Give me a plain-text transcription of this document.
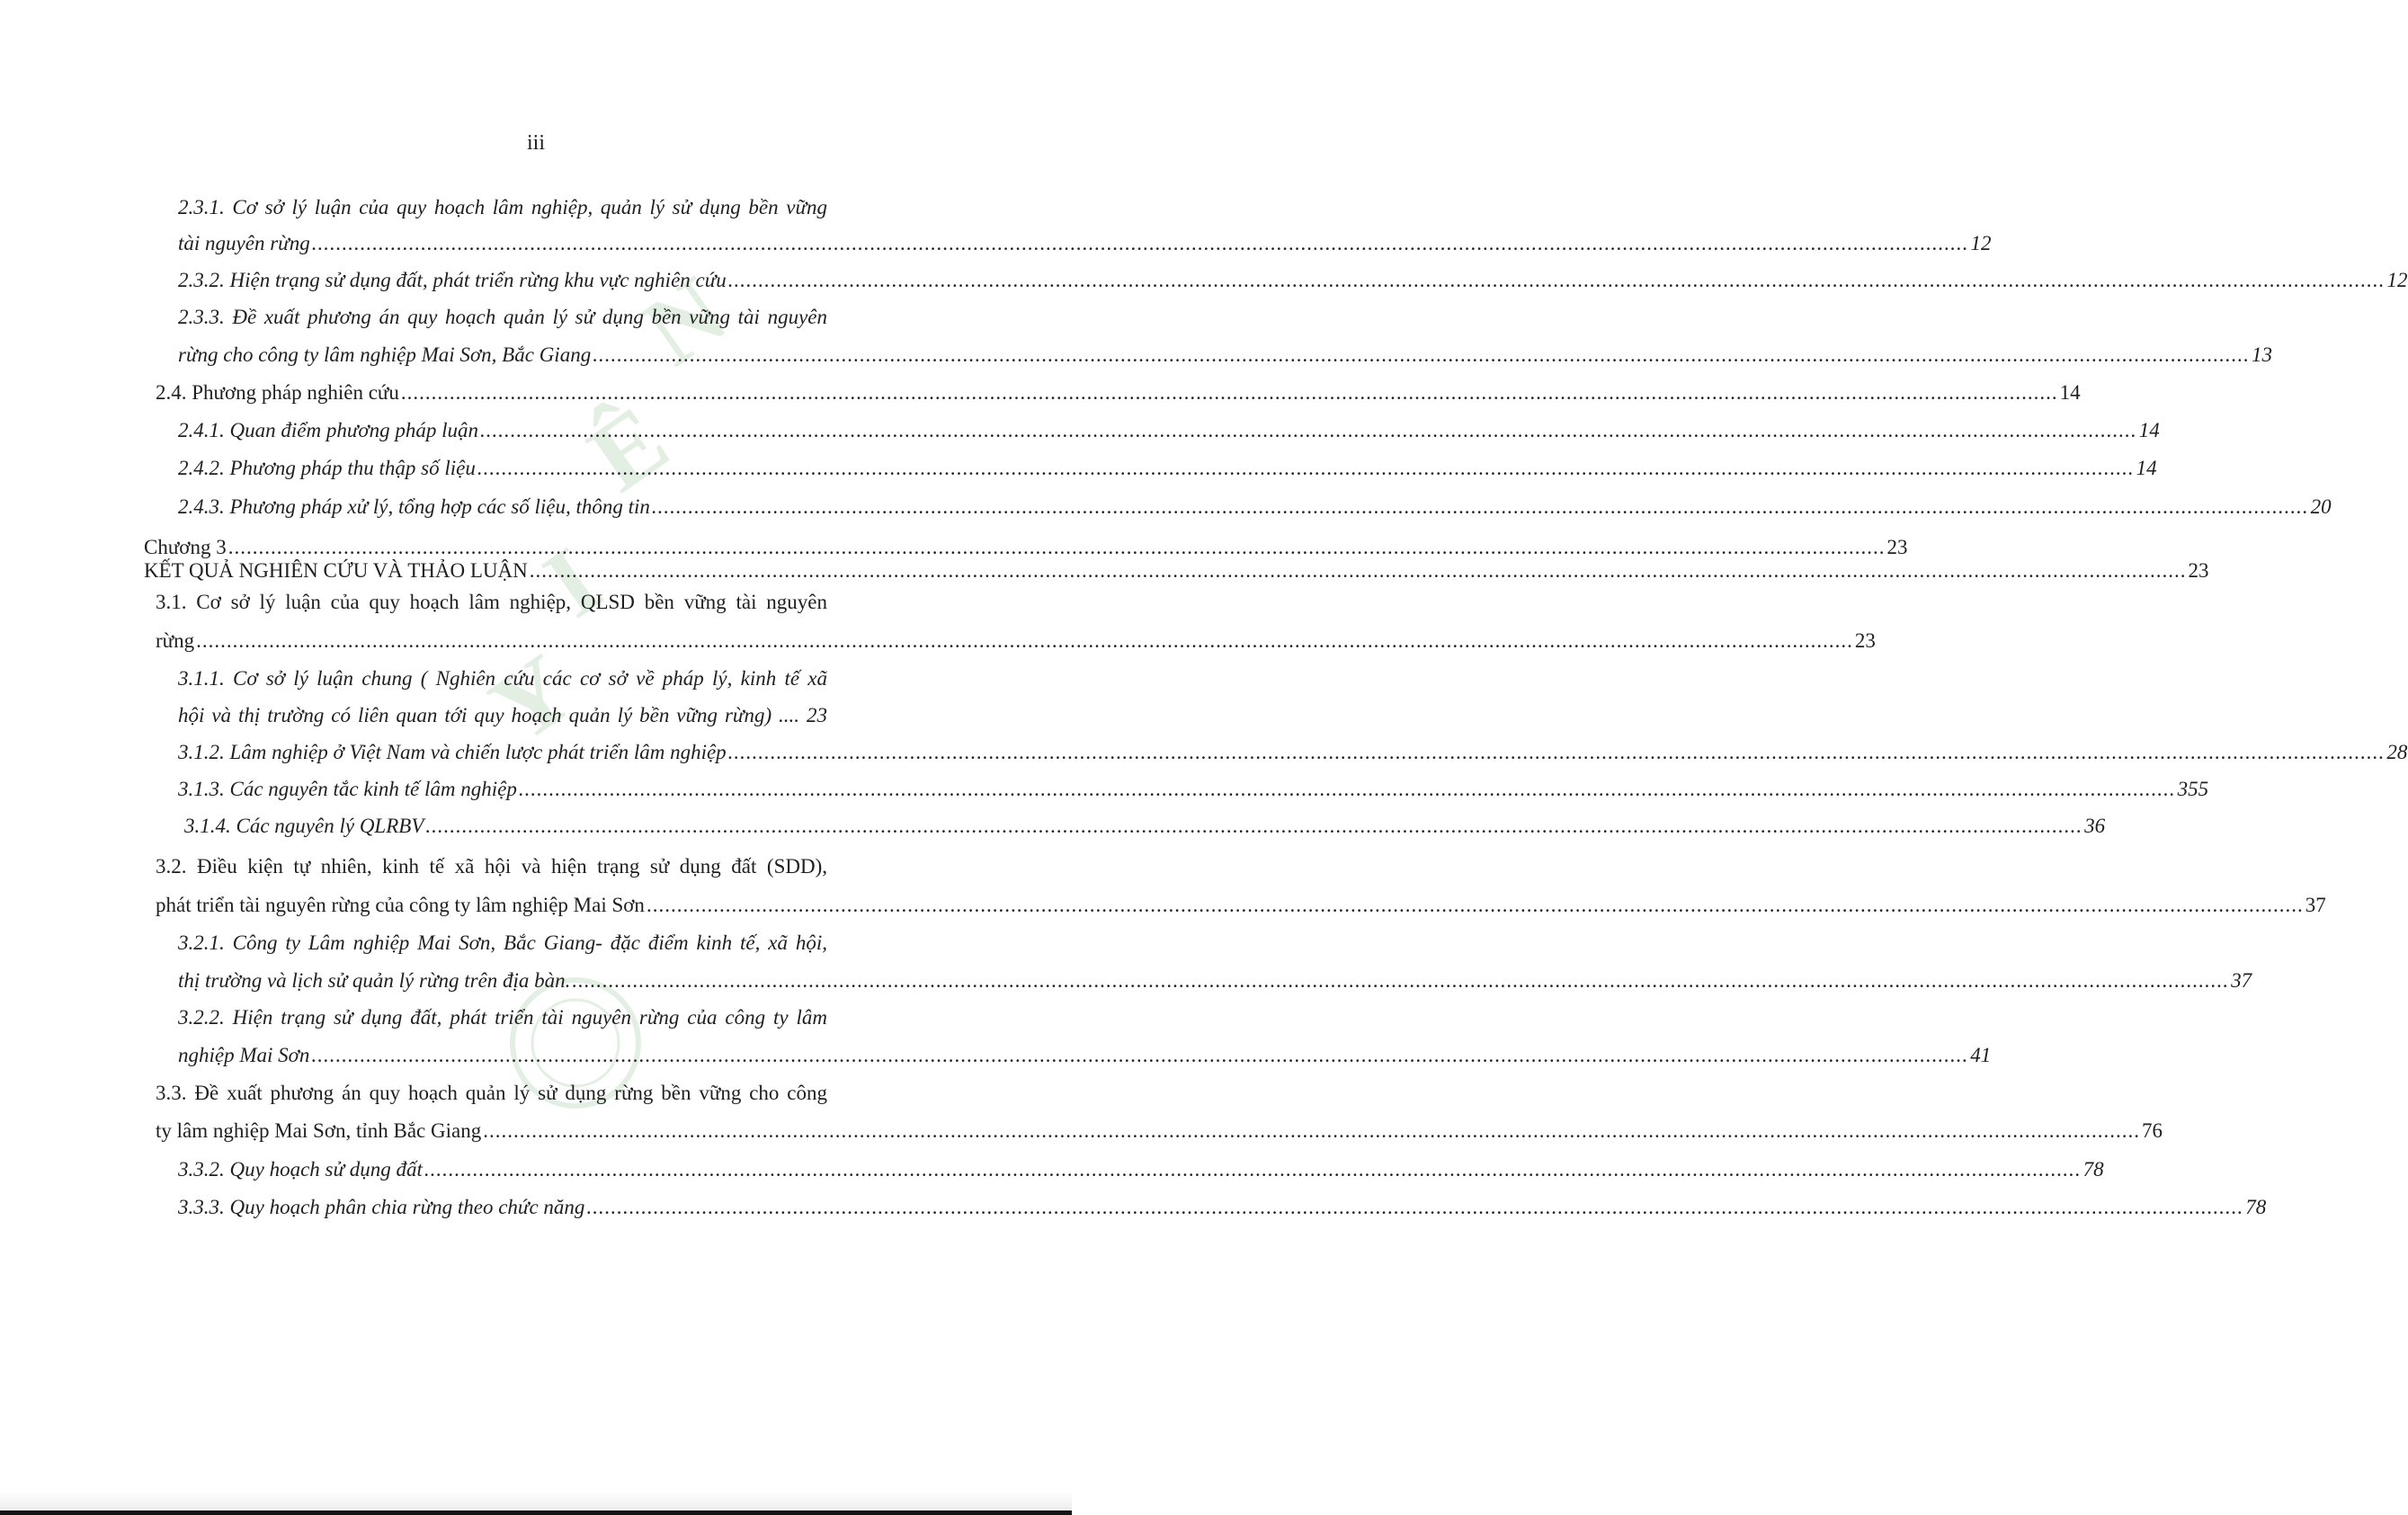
iii
N
Ê
I
Y
2.3.1. Cơ sở lý luận của quy hoạch lâm nghiệp, quản lý sử dụng bền vững
tài nguyên rừng .....	12
2.3.2. Hiện trạng sử dụng đất, phát triển rừng khu vực nghiên cứu .....	12
2.3.3. Đề xuất phương án quy hoạch quản lý sử dụng bền vững tài nguyên
rừng cho công ty lâm nghiệp Mai Sơn, Bắc Giang .....	13
2.4. Phương pháp nghiên cứu .....	14
2.4.1. Quan điểm phương pháp luận .....	14
2.4.2. Phương pháp thu thập số liệu .....	14
2.4.3. Phương pháp xử lý, tổng hợp các số liệu, thông tin .....	20
Chương 3 .....	23
KẾT QUẢ NGHIÊN CỨU VÀ THẢO LUẬN .....	23
3.1. Cơ sở lý luận của quy hoạch lâm nghiệp, QLSD bền vững tài nguyên
rừng .....	23
3.1.1. Cơ sở lý luận chung ( Nghiên cứu các cơ sở về pháp lý, kinh tế xã
hội và thị trường có liên quan tới quy hoạch quản lý bền vững rừng) .... 23
3.1.2. Lâm nghiệp ở Việt Nam và chiến lược phát triển lâm nghiệp .....	28
3.1.3. Các nguyên tắc kinh tế lâm nghiệp .....	355
3.1.4. Các nguyên lý QLRBV .....	36
3.2. Điều kiện tự nhiên, kinh tế xã hội và hiện trạng sử dụng đất (SDD),
phát triển tài nguyên rừng của công ty lâm nghiệp Mai Sơn .....	37
3.2.1. Công ty Lâm nghiệp Mai Sơn, Bắc Giang- đặc điểm kinh tế, xã hội,
thị trường và lịch sử quản lý rừng trên địa bàn. .....	37
3.2.2. Hiện trạng sử dụng đất, phát triển tài nguyên rừng của công ty lâm
nghiệp Mai Sơn .....	41
3.3. Đề xuất phương án quy hoạch quản lý sử dụng rừng bền vững cho công
ty lâm nghiệp Mai Sơn, tỉnh Bắc Giang .....	76
3.3.2. Quy hoạch sử dụng đất .....	78
3.3.3. Quy hoạch phân chia rừng theo chức năng .....	78
